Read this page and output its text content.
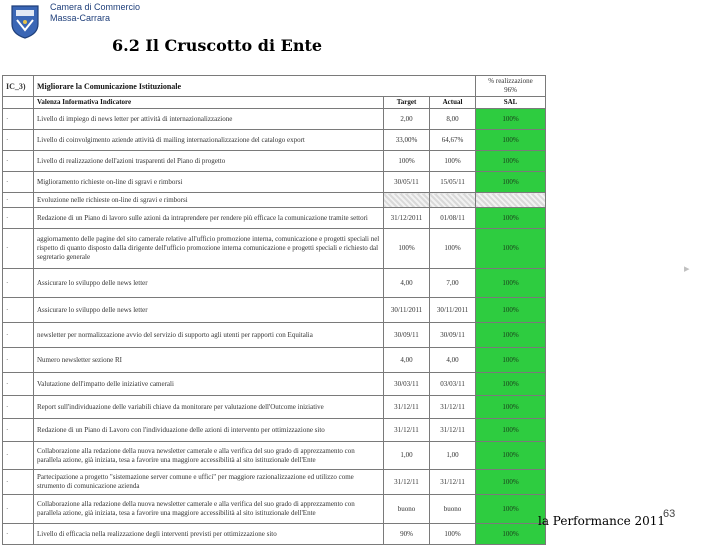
Camera di Commercio
Massa-Carrara
6.2 Il Cruscotto di Ente
IC_3)	Migliorare la Comunicazione Istituzionale			% realizzazione
96%

	Valenza Informativa Indicatore	Target	Actual	SAL
·	Livello di impiego di news letter per attività di internazionalizzazione	2,00	8,00	100%
·	Livello di coinvolgimento aziende attività di mailing internazionalizzazione del catalogo export	33,00%	64,67%	100%
·	Livello di realizzazione dell'azioni trasparenti del Piano di progetto	100%	100%	100%
·	Miglioramento richieste on-line di sgravi e rimborsi	30/05/11	15/05/11	100%
·	Evoluzione nelle richieste on-line di sgravi e rimborsi			
·	Redazione di un Piano di lavoro sulle azioni da intraprendere per rendere più efficace la comunicazione tramite settori	31/12/2011	01/08/11	100%
·	aggiornamento delle pagine del sito camerale relative all'ufficio promozione interna, comunicazione e progetti speciali nel rispetto di quanto disposto dalla dirigente dell'ufficio promozione interna comunicazione e progetti speciali e richiesto dal segretario generale	100%	100%	100%
·	Assicurare lo sviluppo delle news letter	4,00	7,00	100%
·	Assicurare lo sviluppo delle news letter	30/11/2011	30/11/2011	100%
·	newsletter per normalizzazione avvio del servizio di supporto agli utenti per rapporti con Equitalia	30/09/11	30/09/11	100%
·	Numero newsletter sezione RI	4,00	4,00	100%
·	Valutazione dell'impatto delle iniziative camerali	30/03/11	03/03/11	100%
·	Report sull'individuazione delle variabili chiave da monitorare per valutazione dell'Outcome iniziative	31/12/11	31/12/11	100%
·	Redazione di un Piano di Lavoro con l'individuazione delle azioni di intervento per ottimizzazione sito	31/12/11	31/12/11	100%
·	Collaborazione alla redazione della nuova newsletter camerale e alla verifica del suo grado di apprezzamento con parallela azione, già iniziata, tesa a favorire una maggiore accessibilità al sito istituzionale dell'Ente	1,00	1,00	100%
·	Partecipazione a progetto "sistemazione server comune e uffici" per maggiore razionalizzazione ed utilizzo come strumento di comunicazione azienda	31/12/11	31/12/11	100%
·	Collaborazione alla redazione della nuova newsletter camerale e alla verifica del suo grado di apprezzamento con parallela azione, già iniziata, tesa a favorire una maggiore accessibilità al sito istituzionale dell'Ente	buono	buono	100%
·	Livello di efficacia nella realizzazione degli interventi previsti per ottimizzazione sito	90%	100%	100%
▸
la Performance 2011
63
